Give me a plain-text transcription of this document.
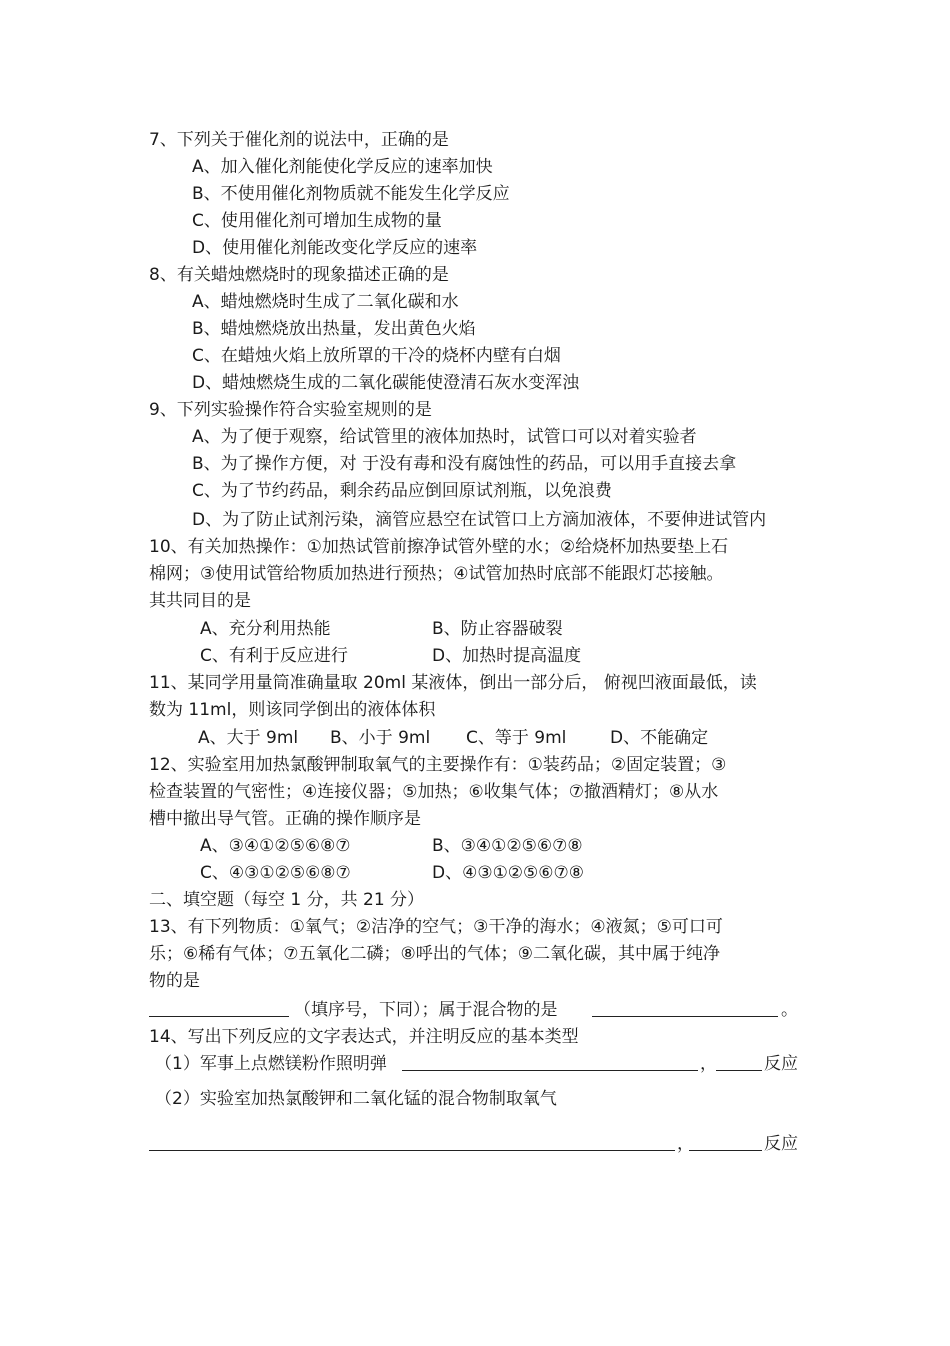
7、下列关于催化剂的说法中，正确的是
A、加入催化剂能使化学反应的速率加快
B、不使用催化剂物质就不能发生化学反应
C、使用催化剂可增加生成物的量
D、使用催化剂能改变化学反应的速率
8、有关蜡烛燃烧时的现象描述正确的是
A、蜡烛燃烧时生成了二氧化碳和水
B、蜡烛燃烧放出热量，发出黄色火焰
C、在蜡烛火焰上放所罩的干冷的烧杯内壁有白烟
D、蜡烛燃烧生成的二氧化碳能使澄清石灰水变浑浊
9、下列实验操作符合实验室规则的是
A、为了便于观察，给试管里的液体加热时，试管口可以对着实验者
B、为了操作方便，对 于没有毒和没有腐蚀性的药品，可以用手直接去拿
C、为了节约药品，剩余药品应倒回原试剂瓶，以免浪费
D、为了防止试剂污染，滴管应悬空在试管口上方滴加液体，不要伸进试管内
10、有关加热操作：①加热试管前擦净试管外壁的水；②给烧杯加热要垫上石
棉网；③使用试管给物质加热进行预热；④试管加热时底部不能跟灯芯接触。
其共同目的是
A、充分利用热能	B、防止容器破裂
C、有利于反应进行	D、加热时提高温度
11、某同学用量筒准确量取 20ml 某液体，倒出一部分后， 俯视凹液面最低，读
数为 11ml，则该同学倒出的液体体积
A、大于 9ml B、小于 9ml C、等于 9ml	D、不能确定
12、实验室用加热氯酸钾制取氧气的主要操作有：①装药品；②固定装置；③
检查装置的气密性；④连接仪器；⑤加热；⑥收集气体；⑦撤酒精灯；⑧从水
槽中撤出导气管。正确的操作顺序是
A、③④①②⑤⑥⑧⑦	B、③④①②⑤⑥⑦⑧
C、④③①②⑤⑥⑧⑦	D、④③①②⑤⑥⑦⑧
二、填空题（每空 1 分，共 21 分）
13、有下列物质：①氧气；②洁净的空气；③干净的海水；④液氮；⑤可口可
乐；⑥稀有气体；⑦五氧化二磷；⑧呼出的气体；⑨二氧化碳，其中属于纯净
物的是
（填序号，下同）；属于混合物的是	。
14、写出下列反应的文字表达式，并注明反应的基本类型
（1）军事上点燃镁粉作照明弹	，	反应
（2）实验室加热氯酸钾和二氧化锰的混合物制取氧气
，	反应
